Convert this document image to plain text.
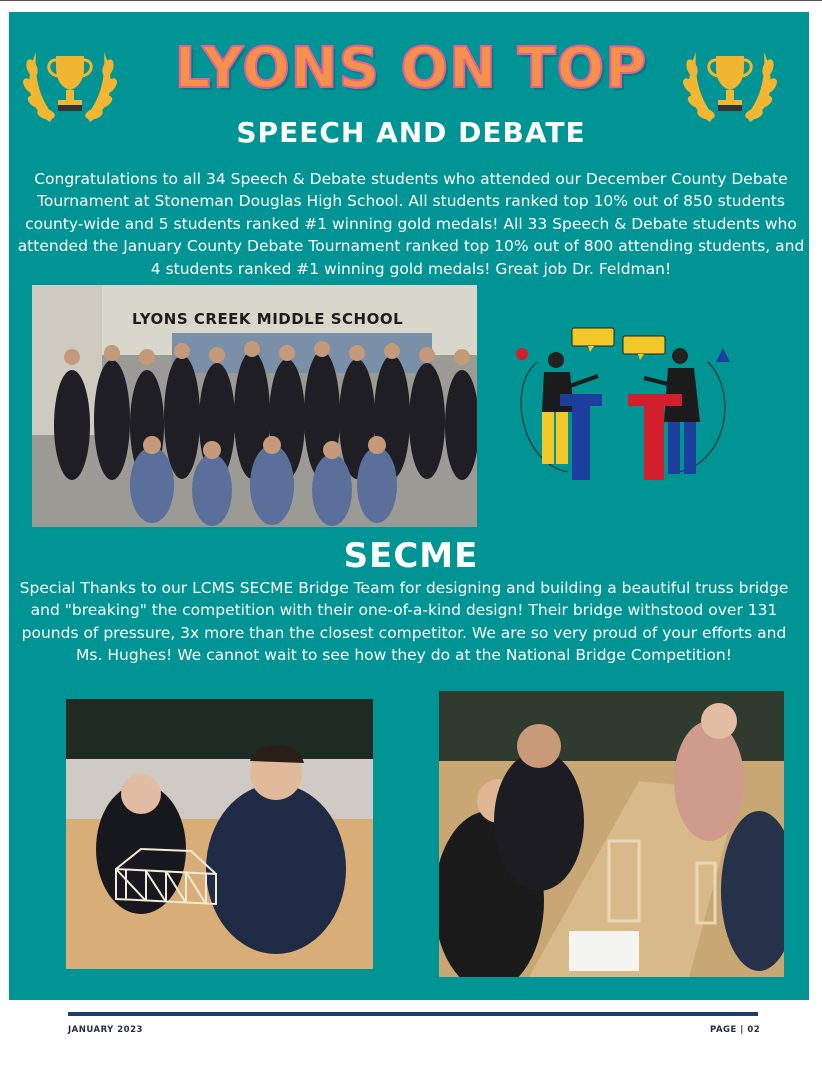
LYONS ON TOP
SPEECH AND DEBATE
Congratulations to all 34 Speech & Debate students who attended our December County Debate Tournament at Stoneman Douglas High School. All students ranked top 10% out of 850 students county-wide and 5 students ranked #1 winning gold medals! All 33 Speech & Debate students who attended the January County Debate Tournament ranked top 10% out of 800 attending students, and 4 students ranked #1 winning gold medals! Great job Dr. Feldman!
LYONS CREEK MIDDLE SCHOOL
SECME
Special Thanks to our LCMS SECME Bridge Team for designing and building a beautiful truss bridge and "breaking" the competition with their one-of-a-kind design! Their bridge withstood over 131 pounds of pressure, 3x more than the closest competitor. We are so very proud of your efforts and Ms. Hughes! We cannot wait to see how they do at the National Bridge Competition!
JANUARY 2023	PAGE | 02
